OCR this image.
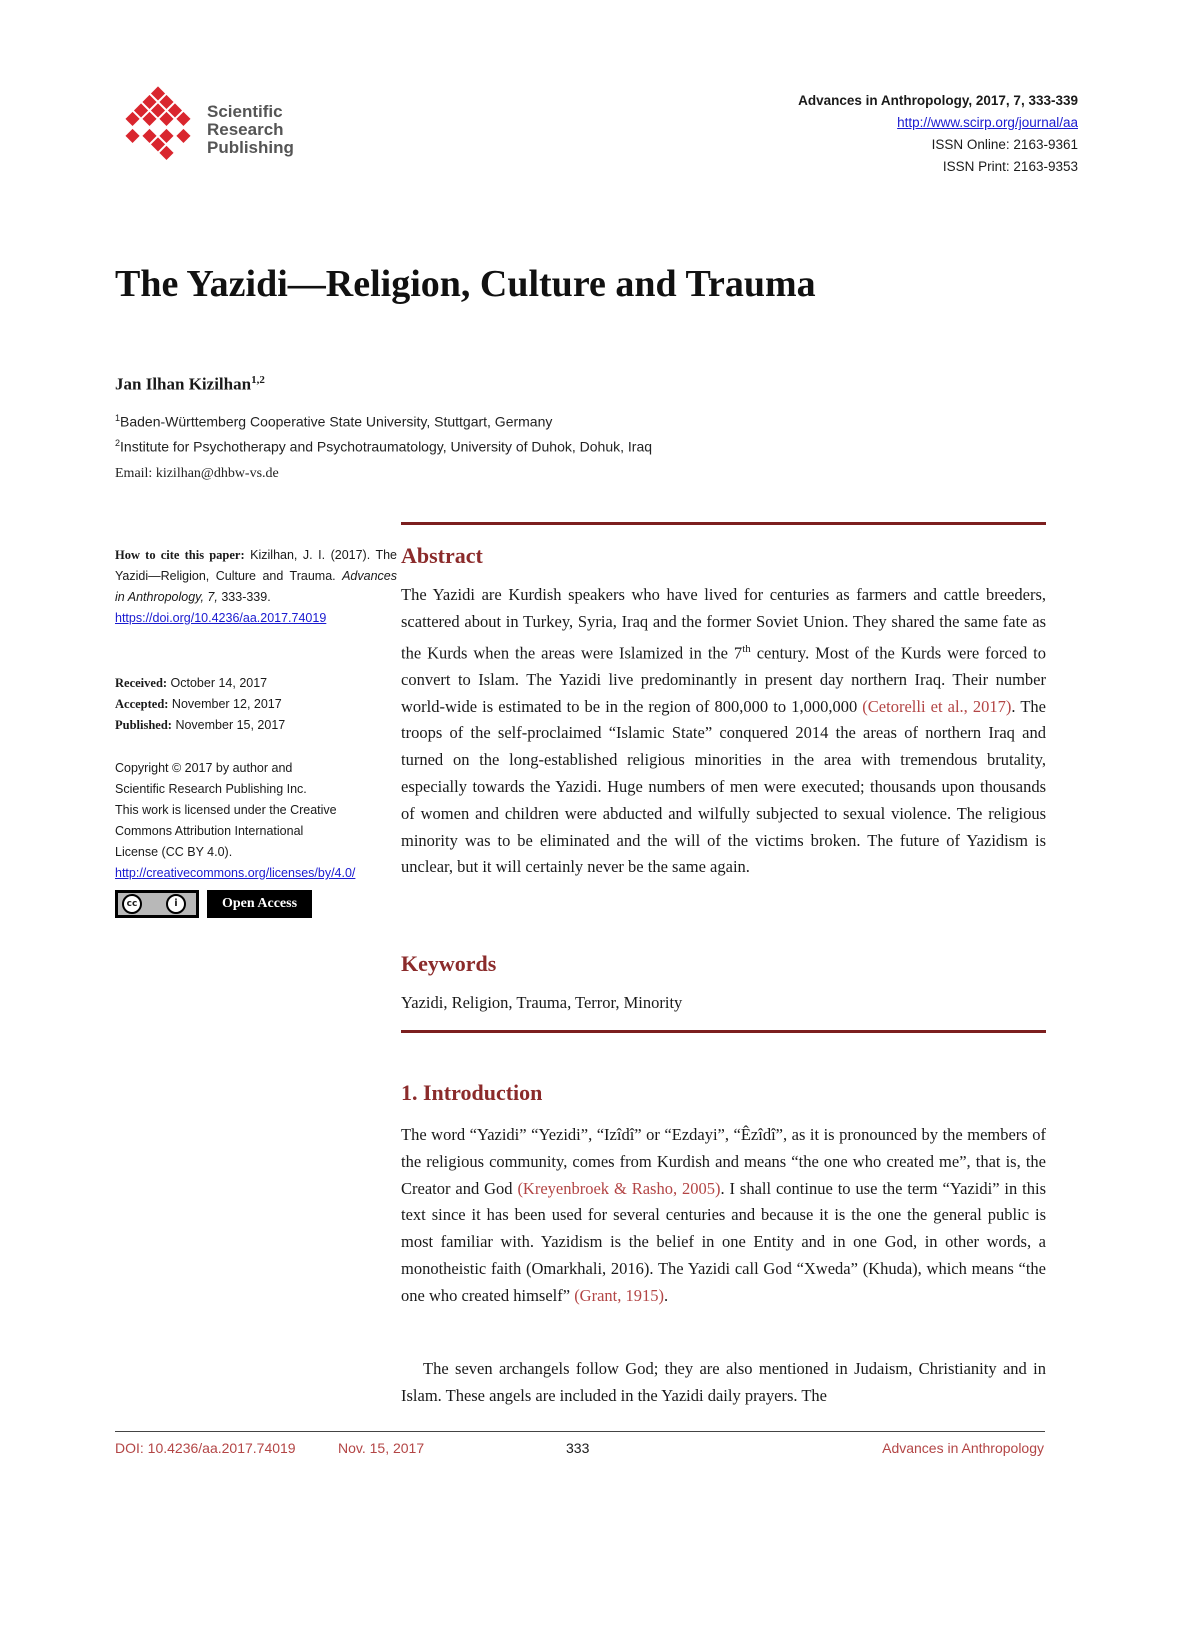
Scientific
Research
Publishing
Advances in Anthropology, 2017, 7, 333-339
http://www.scirp.org/journal/aa
ISSN Online: 2163-9361
ISSN Print: 2163-9353
The Yazidi—Religion, Culture and Trauma
Jan Ilhan Kizilhan$^{1,2}$
$^1$Baden-Württemberg Cooperative State University, Stuttgart, Germany
$^2$Institute for Psychotherapy and Psychotraumatology, University of Duhok, Dohuk, Iraq
Email: kizilhan@dhbw-vs.de
How to cite this paper: Kizilhan, J. I. (2017). The Yazidi—Religion, Culture and Trauma. Advances in Anthropology, 7, 333-339.
https://doi.org/10.4236/aa.2017.74019
Received: October 14, 2017
Accepted: November 12, 2017
Published: November 15, 2017
Copyright © 2017 by author and
Scientific Research Publishing Inc.
This work is licensed under the Creative
Commons Attribution International
License (CC BY 4.0).
http://creativecommons.org/licenses/by/4.0/
cc	i	Open Access
Abstract
The Yazidi are Kurdish speakers who have lived for centuries as farmers and cattle breeders, scattered about in Turkey, Syria, Iraq and the former Soviet Union. They shared the same fate as the Kurds when the areas were Islamized in the 7th century. Most of the Kurds were forced to convert to Islam. The Yazidi live predominantly in present day northern Iraq. Their number world-wide is estimated to be in the region of 800,000 to 1,000,000 (Cetorelli et al., 2017). The troops of the self-proclaimed “Islamic State” conquered 2014 the areas of northern Iraq and turned on the long-established religious minorities in the area with tremendous brutality, especially towards the Yazidi. Huge numbers of men were executed; thousands upon thousands of women and children were abducted and wilfully subjected to sexual violence. The religious minority was to be eliminated and the will of the victims broken. The future of Yazidism is unclear, but it will certainly never be the same again.
Keywords
Yazidi, Religion, Trauma, Terror, Minority
1. Introduction
The word “Yazidi” “Yezidi”, “Izîdî” or “Ezdayi”, “Êzîdî”, as it is pronounced by the members of the religious community, comes from Kurdish and means “the one who created me”, that is, the Creator and God (Kreyenbroek & Rasho, 2005). I shall continue to use the term “Yazidi” in this text since it has been used for several centuries and because it is the one the general public is most familiar with. Yazidism is the belief in one Entity and in one God, in other words, a monotheistic faith (Omarkhali, 2016). The Yazidi call God “Xweda” (Khuda), which means “the one who created himself” (Grant, 1915).
The seven archangels follow God; they are also mentioned in Judaism, Christianity and in Islam. These angels are included in the Yazidi daily prayers. The
DOI: 10.4236/aa.2017.74019	Nov. 15, 2017	333	Advances in Anthropology
